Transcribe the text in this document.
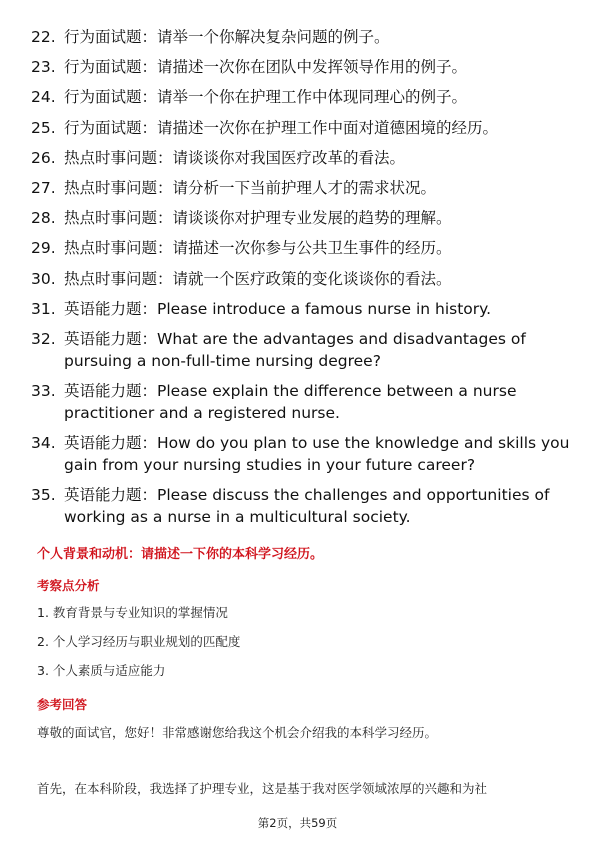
22. 行为面试题：请举一个你解决复杂问题的例子。
23. 行为面试题：请描述一次你在团队中发挥领导作用的例子。
24. 行为面试题：请举一个你在护理工作中体现同理心的例子。
25. 行为面试题：请描述一次你在护理工作中面对道德困境的经历。
26. 热点时事问题：请谈谈你对我国医疗改革的看法。
27. 热点时事问题：请分析一下当前护理人才的需求状况。
28. 热点时事问题：请谈谈你对护理专业发展的趋势的理解。
29. 热点时事问题：请描述一次你参与公共卫生事件的经历。
30. 热点时事问题：请就一个医疗政策的变化谈谈你的看法。
31. 英语能力题：Please introduce a famous nurse in history.
32. 英语能力题：What are the advantages and disadvantages of pursuing a non-full-time nursing degree?
33. 英语能力题：Please explain the difference between a nurse practitioner and a registered nurse.
34. 英语能力题：How do you plan to use the knowledge and skills you gain from your nursing studies in your future career?
35. 英语能力题：Please discuss the challenges and opportunities of working as a nurse in a multicultural society.
个人背景和动机：请描述一下你的本科学习经历。
考察点分析
1. 教育背景与专业知识的掌握情况
2. 个人学习经历与职业规划的匹配度
3. 个人素质与适应能力
参考回答
尊敬的面试官，您好！非常感谢您给我这个机会介绍我的本科学习经历。
首先，在本科阶段，我选择了护理专业，这是基于我对医学领域浓厚的兴趣和为社
第2页，共59页
